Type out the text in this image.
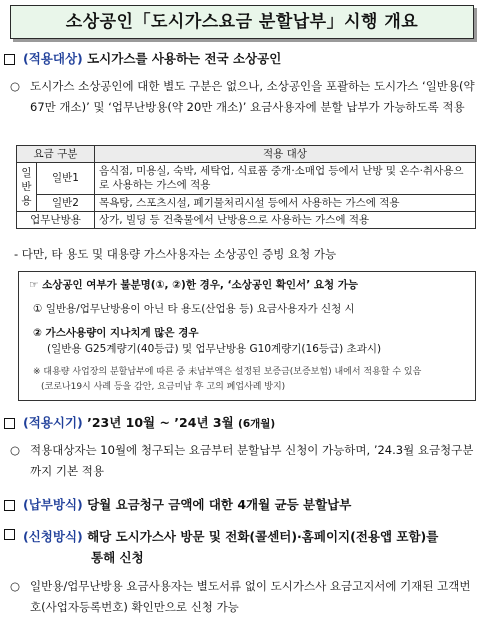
소상공인「도시가스요금 분할납부」시행 개요
(적용대상) 도시가스를 사용하는 전국 소상공인
○ 도시가스 소상공인에 대한 별도 구분은 없으나, 소상공인을 포괄하는 도시가스 ‘일반용(약 67만 개소)’ 및 ‘업무난방용(약 20만 개소)’ 요금사용자에 분할 납부가 가능하도록 적용
요금 구분		적용 대상
일반용	일반1	음식점, 미용실, 숙박, 세탁업, 식료품 중개·소매업 등에서 난방 및 온수·취사용으로 사용하는 가스에 적용
	일반2	목욕탕, 스포츠시설, 폐기물처리시설 등에서 사용하는 가스에 적용
업무난방용		상가, 빌딩 등 건축물에서 난방용으로 사용하는 가스에 적용
- 다만, 타 용도 및 대용량 가스사용자는 소상공인 증빙 요청 가능
☞ 소상공인 여부가 불분명(①, ②)한 경우, ‘소상공인 확인서’ 요청 가능
① 일반용/업무난방용이 아닌 타 용도(산업용 등) 요금사용자가 신청 시
② 가스사용량이 지나치게 많은 경우
(일반용 G25계량기(40등급) 및 업무난방용 G10계량기(16등급) 초과시)
※ 대용량 사업장의 분할납부에 따른 중 未납부액은 설정된 보증금(보증보험) 내에서 적용할 수 있음
(코로나19시 사례 등을 감안, 요금미납 후 고의 폐업사례 방지)
(적용시기) ’23년 10월 ~ ’24년 3월 (6개월)
○ 적용대상자는 10월에 청구되는 요금부터 분할납부 신청이 가능하며, ’24.3월 요금청구분까지 기본 적용
(납부방식) 당월 요금청구 금액에 대한 4개월 균등 분할납부
(신청방식) 해당 도시가스사 방문 및 전화(콜센터)·홈페이지(전용앱 포함)를
통해 신청
○ 일반용/업무난방용 요금사용자는 별도서류 없이 도시가스사 요금고지서에 기재된 고객번호(사업자등록번호) 확인만으로 신청 가능
